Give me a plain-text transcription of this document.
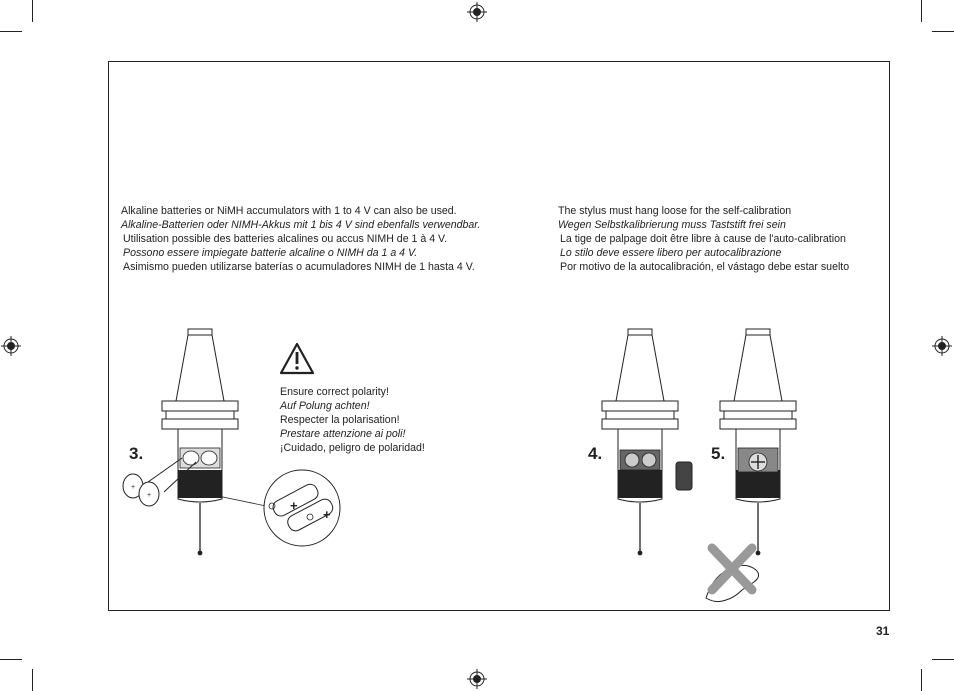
Alkaline batteries or NiMH accumulators with 1 to 4 V can also be used.
Alkaline-Batterien oder NIMH-Akkus mit 1 bis 4 V sind ebenfalls verwendbar.
Utilisation possible des batteries alcalines ou accus NIMH de 1 à 4 V.
Possono essere impiegate batterie alcaline o NIMH da 1 a 4 V.
Asimismo pueden utilizarse baterías o acumuladores NIMH de 1 hasta 4 V.
The stylus must hang loose for the self-calibration
Wegen Selbstkalibrierung muss Taststift frei sein
La tige de palpage doit être libre à cause de l'auto-calibration
Lo stilo deve essere libero per autocalibrazione
Por motivo de la autocalibración, el vástago debe estar suelto
Ensure correct polarity!
Auf Polung achten!
Respecter la polarisation!
Prestare attenzione ai poli!
¡Cuidado, peligro de polaridad!
3.	4.	5.
+
+
+
+
31
